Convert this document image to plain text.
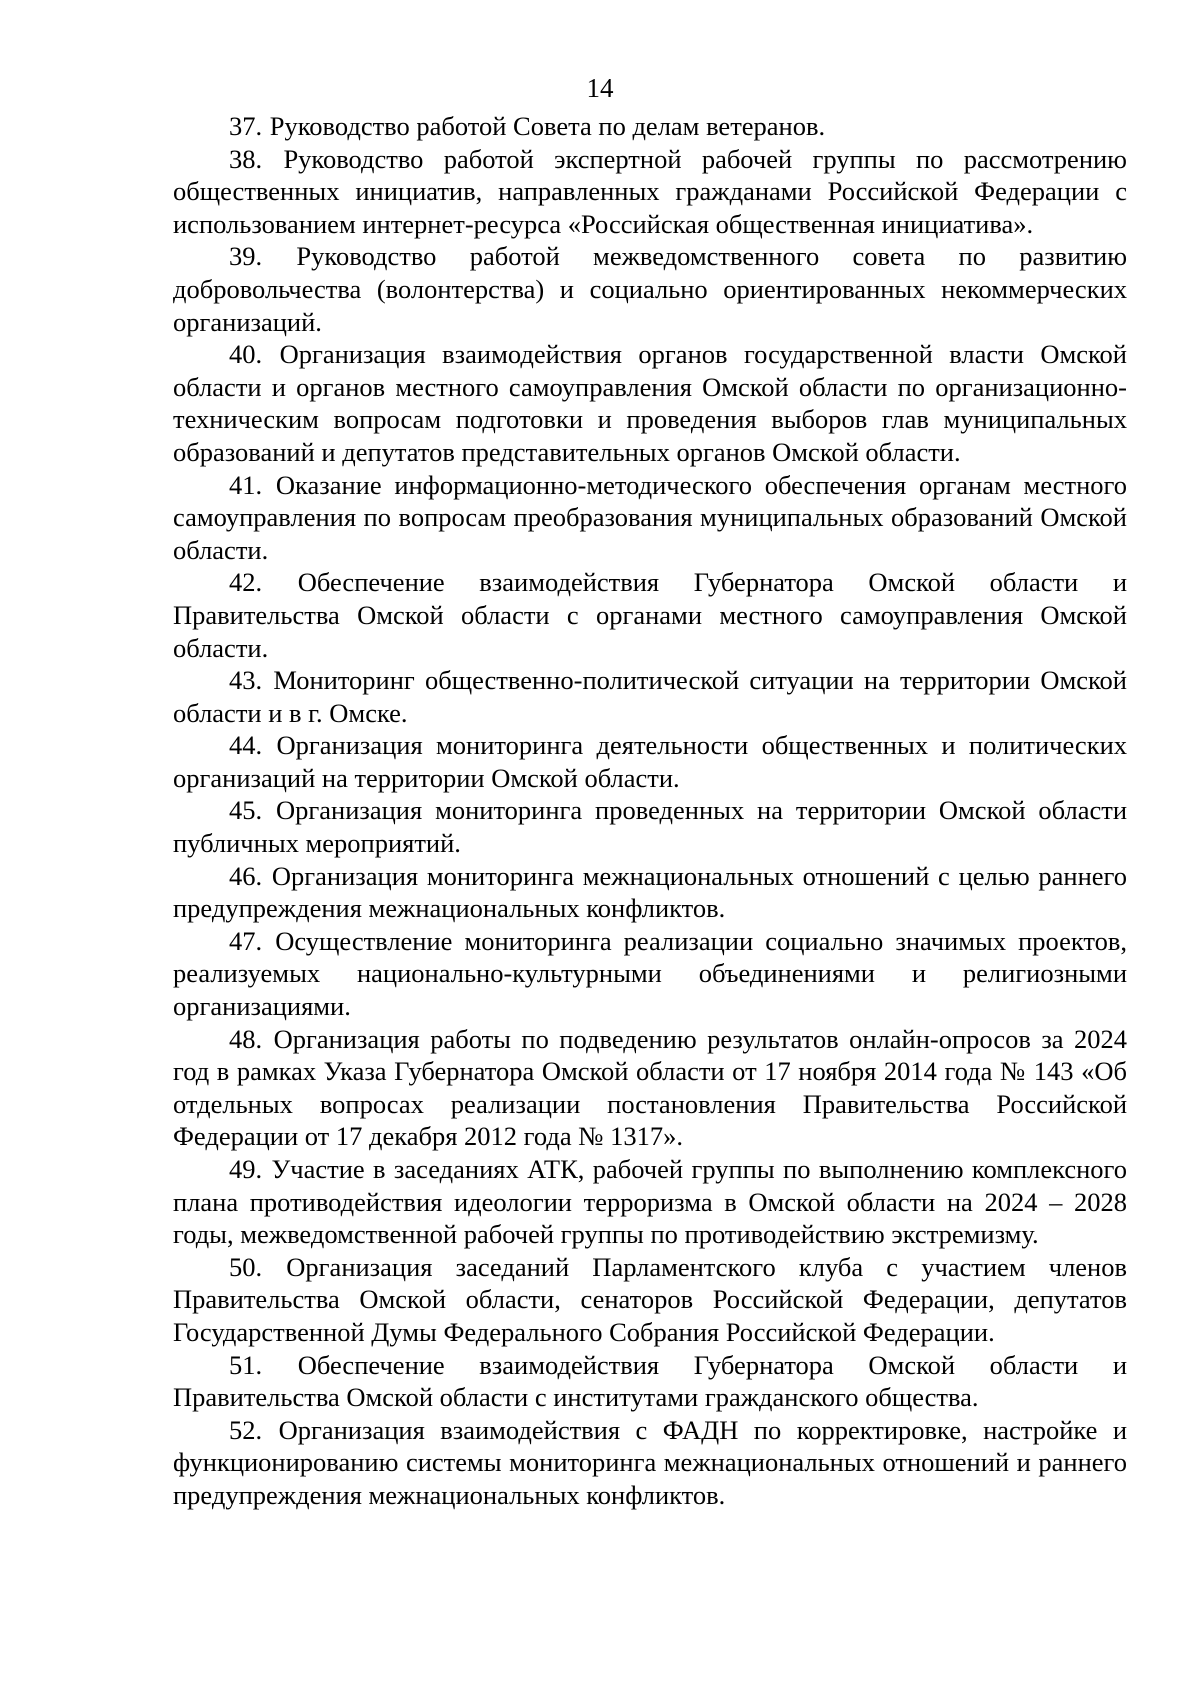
14

37. Руководство работой Совета по делам ветеранов.

38. Руководство работой экспертной рабочей группы по рассмотрению общественных инициатив, направленных гражданами Российской Федерации с использованием интернет-ресурса «Российская общественная инициатива».

39. Руководство работой межведомственного совета по развитию добровольчества (волонтерства) и социально ориентированных некоммерческих организаций.

40. Организация взаимодействия органов государственной власти Омской области и органов местного самоуправления Омской области по организационно-техническим вопросам подготовки и проведения выборов глав муниципальных образований и депутатов представительных органов Омской области.

41. Оказание информационно-методического обеспечения органам местного самоуправления по вопросам преобразования муниципальных образований Омской области.

42. Обеспечение взаимодействия Губернатора Омской области и Правительства Омской области с органами местного самоуправления Омской области.

43. Мониторинг общественно-политической ситуации на территории Омской области и в г. Омске.

44. Организация мониторинга деятельности общественных и политических организаций на территории Омской области.

45. Организация мониторинга проведенных на территории Омской области публичных мероприятий.

46. Организация мониторинга межнациональных отношений с целью раннего предупреждения межнациональных конфликтов.

47. Осуществление мониторинга реализации социально значимых проектов, реализуемых национально-культурными объединениями и религиозными организациями.

48. Организация работы по подведению результатов онлайн-опросов за 2024 год в рамках Указа Губернатора Омской области от 17 ноября 2014 года № 143 «Об отдельных вопросах реализации постановления Правительства Российской Федерации от 17 декабря 2012 года № 1317».

49. Участие в заседаниях АТК, рабочей группы по выполнению комплексного плана противодействия идеологии терроризма в Омской области на 2024 – 2028 годы, межведомственной рабочей группы по противодействию экстремизму.

50. Организация заседаний Парламентского клуба с участием членов Правительства Омской области, сенаторов Российской Федерации, депутатов Государственной Думы Федерального Собрания Российской Федерации.

51. Обеспечение взаимодействия Губернатора Омской области и Правительства Омской области с институтами гражданского общества.

52. Организация взаимодействия с ФАДН по корректировке, настройке и функционированию системы мониторинга межнациональных отношений и раннего предупреждения межнациональных конфликтов.
